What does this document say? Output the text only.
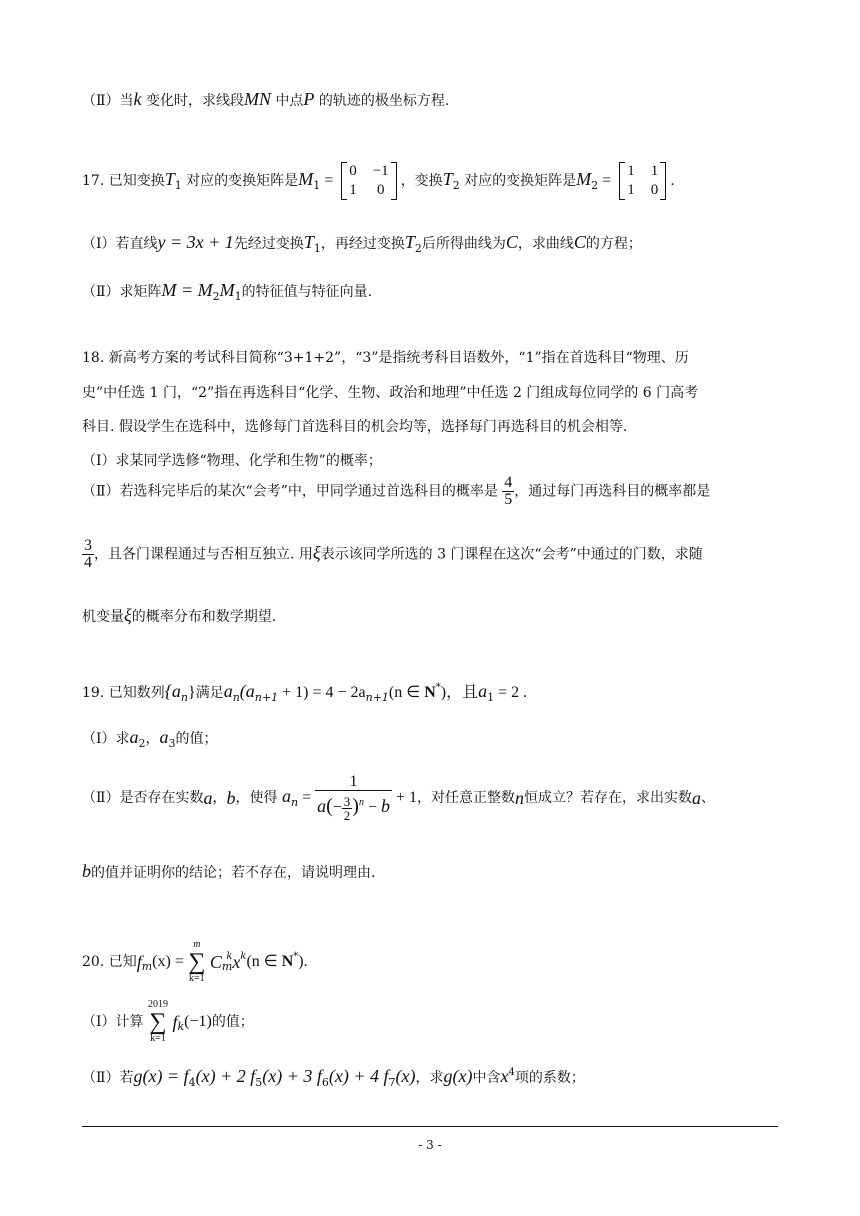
（Ⅱ）当k 变化时，求线段MN 中点P 的轨迹的极坐标方程.
17. 已知变换$T_1$ 对应的变换矩阵是$M_1$ =
0	−1
1	0
，变换$T_2$ 对应的变换矩阵是$M_2$ =
1	1
1	0
.
（Ⅰ）若直线y = 3x + 1先经过变换$T_1$，再经过变换$T_2$后所得曲线为C，求曲线C的方程；
（Ⅱ）求矩阵$M = M_2M_1$的特征值与特征向量.
18. 新高考方案的考试科目简称“3+1+2”，“3”是指统考科目语数外，“1”指在首选科目“物理、历
史”中任选 1 门，“2”指在再选科目“化学、生物、政治和地理”中任选 2 门组成每位同学的 6 门高考
科目. 假设学生在选科中，选修每门首选科目的机会均等，选择每门再选科目的机会相等.
（Ⅰ）求某同学选修“物理、化学和生物”的概率；
（Ⅱ）若选科完毕后的某次“会考”中，甲同学通过首选科目的概率是 $\frac{4}{5}$ ，通过每门再选科目的概率都是
$\frac{3}{4}$ ，且各门课程通过与否相互独立. 用ξ表示该同学所选的 3 门课程在这次“会考”中通过的门数，求随
机变量ξ的概率分布和数学期望.
19. 已知数列$\{a_n\}$满足$a_n(a_{n+1} + 1) = 4 - 2a_{n+1}(n$ ∈ N*)，且$a_1 = 2$ .
（Ⅰ）求$a_2$，$a_3$的值；
（Ⅱ）是否存在实数a，b，使得 $a_n = \frac{1}{a(- \frac{3}{2} )^n - b} + 1$，对任意正整数n恒成立？若存在，求出实数a、
b的值并证明你的结论；若不存在，请说明理由.
20. 已知$f_m(x)$ =
m
∑
k=1
$C_m^kx^k(n$ ∈ N*).
（Ⅰ）计算
2019
∑
k=1
$f_k(-1)$的值；
（Ⅱ）若$g(x) = f_4(x) + 2$ $f_5(x) + 3$ $f_6(x) + 4$ $f_7(x)$，求g(x)中含$x^4$项的系数；
- 3 -
